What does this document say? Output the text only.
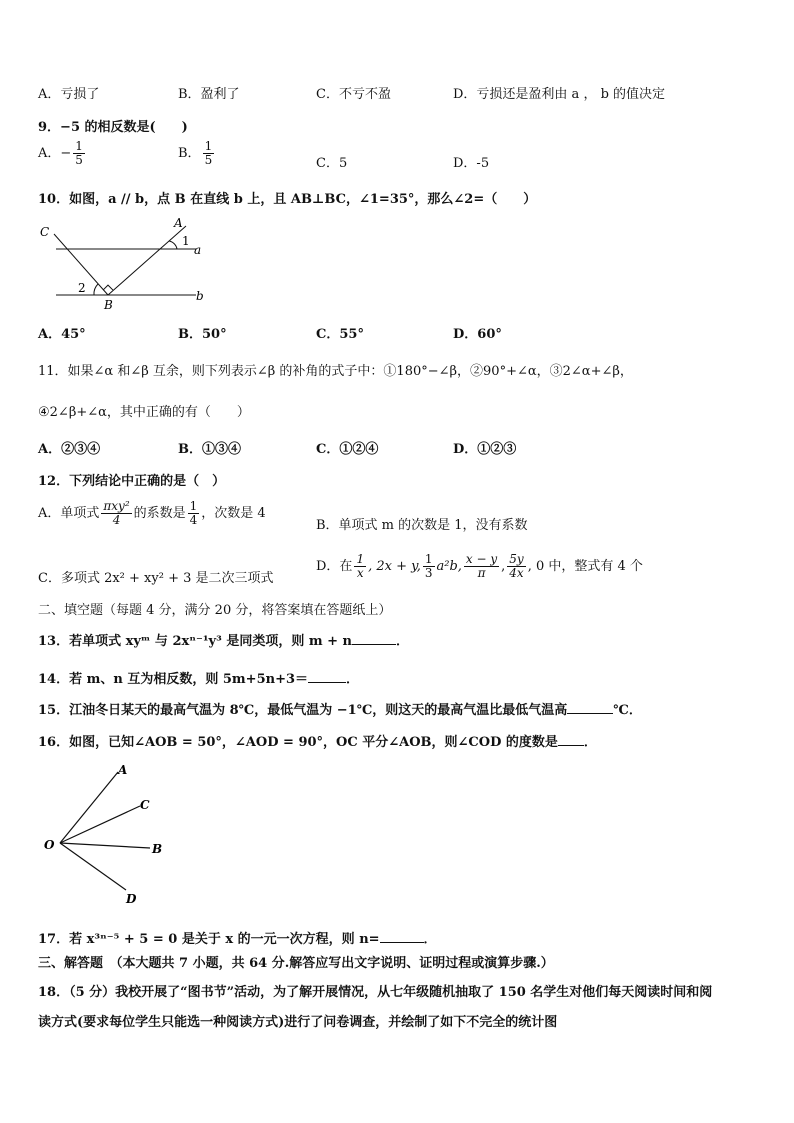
A．亏损了	B．盈利了	C．不亏不盈	D．亏损还是盈利由 a ， b 的值决定
9．−5 的相反数是(　　)
A．− $\frac{1}{5}$	B． $\frac{1}{5}$	C．5	D．-5
10．如图，a // b，点 B 在直线 b 上，且 AB⊥BC，∠1=35°，那么∠2=（　　）
C
A
1
a
2
B
b
A．45°	B．50°	C．55°	D．60°
11．如果∠α 和∠β 互余，则下列表示∠β 的补角的式子中：①180°−∠β，②90°+∠α，③2∠α+∠β，
④2∠β+∠α，其中正确的有（　　）
A．②③④	B．①③④	C．①②④	D．①②③
12．下列结论中正确的是（　）
A．单项式 $\frac{\text{πxy²}}{4}$ 的系数是 $\frac{1}{4}$ ，次数是 4
B．单项式 m 的次数是 1，没有系数
C．多项式 2x² + xy² + 3 是二次三项式
D．在 $\frac{1}{x}$ , 2x + y, $\frac{1}{3} a^2b$, $\frac{x - y}{\pi}$ , $\frac{5y}{4x}$ , 0 中，整式有 4 个
二、填空题（每题 4 分，满分 20 分，将答案填在答题纸上）
13．若单项式 xyᵐ 与 2xⁿ⁻¹y³ 是同类项，则 m + n	．
14．若 m、n 互为相反数，则 5m+5n+3＝	．
15．江油冬日某天的最高气温为 8℃，最低气温为 −1℃，则这天的最高气温比最低气温高	℃．
16．如图，已知∠AOB = 50°，∠AOD = 90°，OC 平分∠AOB，则∠COD 的度数是 ．
A
C
O	B
D
17．若 x³ⁿ⁻⁵ + 5 = 0 是关于 x 的一元一次方程，则 n=	．
三、解答题　（本大题共 7 小题，共 64 分.解答应写出文字说明、证明过程或演算步骤.）
18．（5 分）我校开展了“图书节”活动，为了解开展情况，从七年级随机抽取了 150 名学生对他们每天阅读时间和阅
读方式(要求每位学生只能选一种阅读方式)进行了问卷调查，并绘制了如下不完全的统计图
